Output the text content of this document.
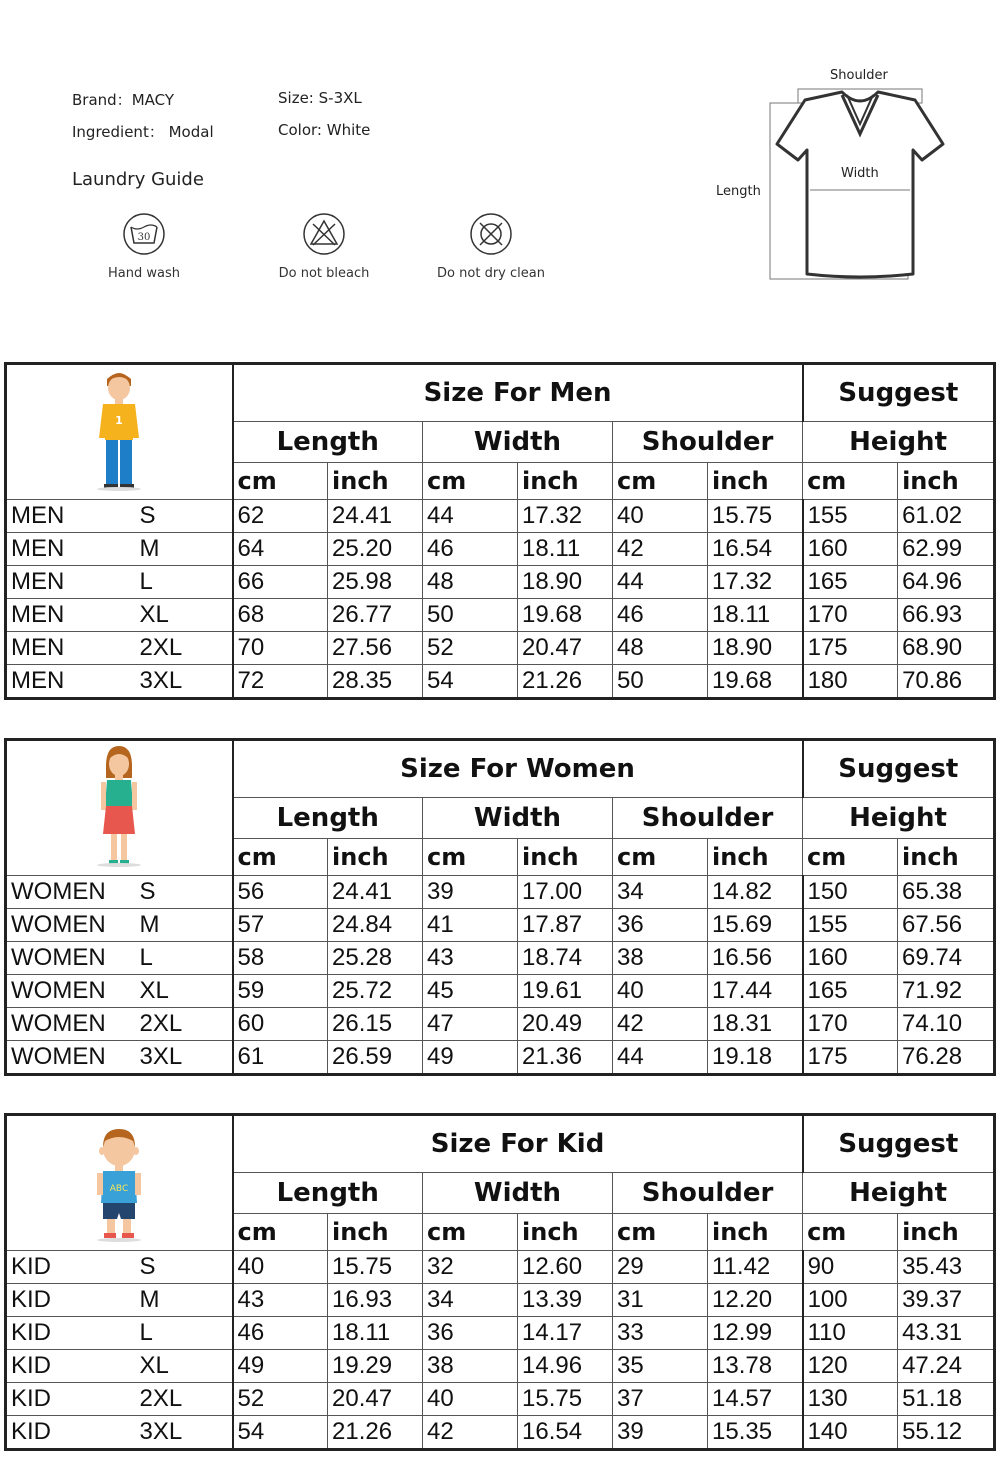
Brand：MACY	Size: S-3XL
Ingredient： Modal	Color: White
Laundry Guide
30
Hand wash	Do not bleach	Do not dry clean
Shoulder
Width
Length
1		Size For Men						Suggest	
		Length		Width		Shoulder		Height	
		cm	inch	cm	inch	cm	inch	cm	inch
MEN	S	62	24.41	44	17.32	40	15.75	155	61.02
MEN	M	64	25.20	46	18.11	42	16.54	160	62.99
MEN	L	66	25.98	48	18.90	44	17.32	165	64.96
MEN	XL	68	26.77	50	19.68	46	18.11	170	66.93
MEN	2XL	70	27.56	52	20.47	48	18.90	175	68.90
MEN	3XL	72	28.35	54	21.26	50	19.68	180	70.86
	Size For Women						Suggest	
		Length		Width		Shoulder		Height	
		cm	inch	cm	inch	cm	inch	cm	inch
WOMEN	S	56	24.41	39	17.00	34	14.82	150	65.38
WOMEN	M	57	24.84	41	17.87	36	15.69	155	67.56
WOMEN	L	58	25.28	43	18.74	38	16.56	160	69.74
WOMEN	XL	59	25.72	45	19.61	40	17.44	165	71.92
WOMEN	2XL	60	26.15	47	20.49	42	18.31	170	74.10
WOMEN	3XL	61	26.59	49	21.36	44	19.18	175	76.28
ABC		Size For Kid						Suggest	
		Length		Width		Shoulder		Height	
		cm	inch	cm	inch	cm	inch	cm	inch
KID	S	40	15.75	32	12.60	29	11.42	90	35.43
KID	M	43	16.93	34	13.39	31	12.20	100	39.37
KID	L	46	18.11	36	14.17	33	12.99	110	43.31
KID	XL	49	19.29	38	14.96	35	13.78	120	47.24
KID	2XL	52	20.47	40	15.75	37	14.57	130	51.18
KID	3XL	54	21.26	42	16.54	39	15.35	140	55.12
